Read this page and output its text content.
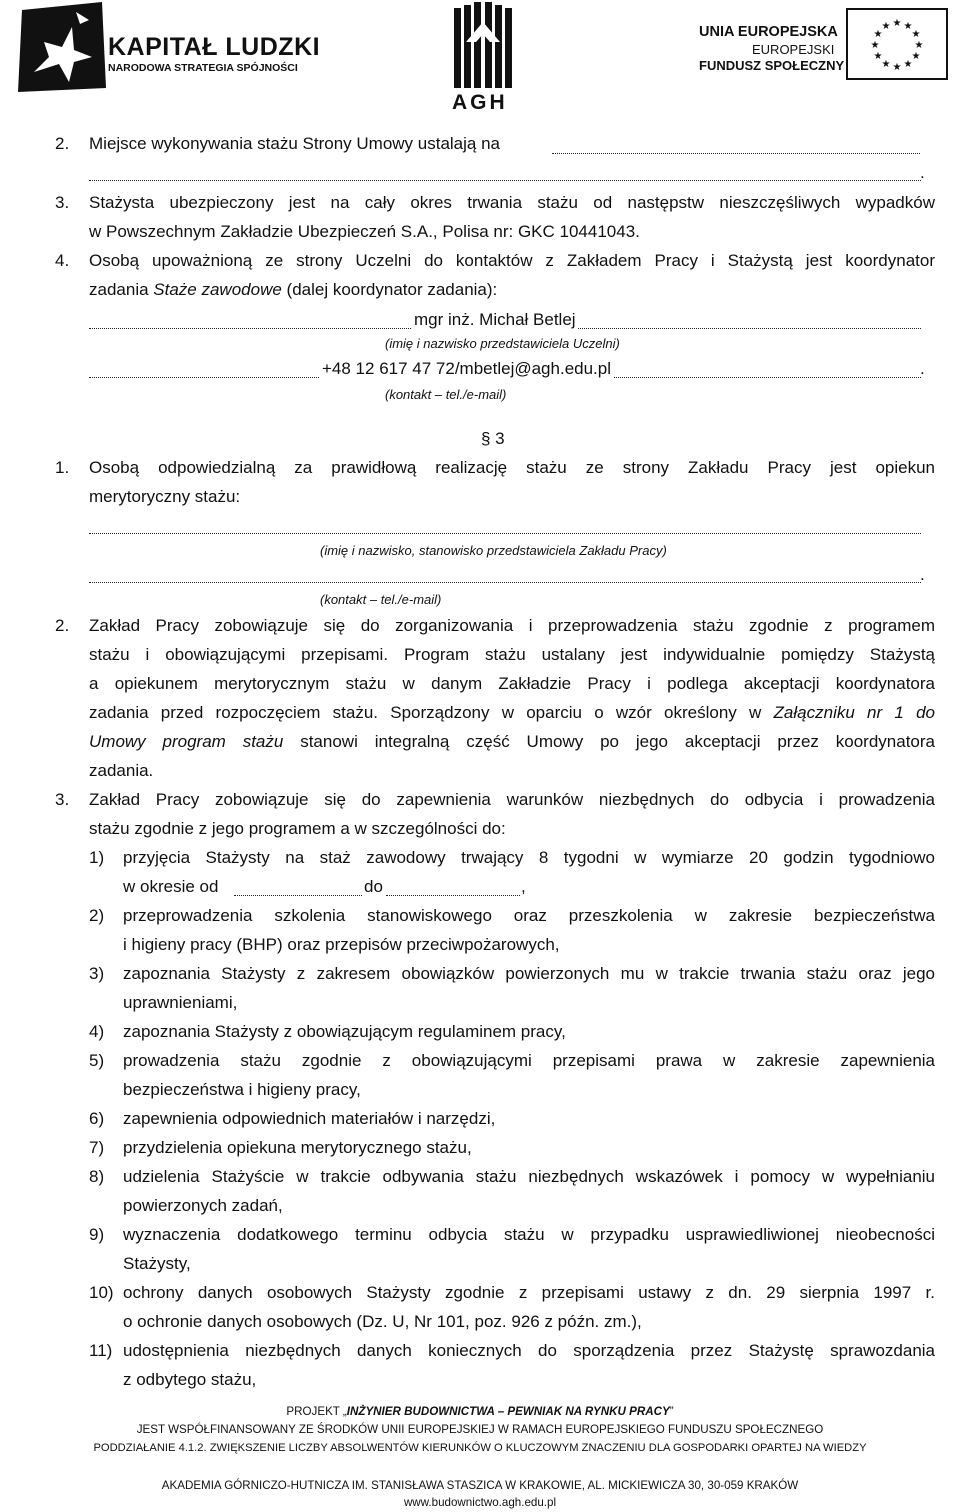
KAPITAŁ LUDZKI
NARODOWA STRATEGIA SPÓJNOŚCI
AGH
UNIA EUROPEJSKA
EUROPEJSKI
FUNDUSZ SPOŁECZNY
★ ★
★
★
★
★
★
★
★
★
★
★
2. Miejsce wykonywania stażu Strony Umowy ustalają na
.
3. Stażysta ubezpieczony jest na cały okres trwania stażu od następstw nieszczęśliwych wypadków
w Powszechnym Zakładzie Ubezpieczeń S.A., Polisa nr: GKC 10441043.
4. Osobą upoważnioną ze strony Uczelni do kontaktów z Zakładem Pracy i Stażystą jest koordynator
zadania Staże zawodowe (dalej koordynator zadania):
mgr inż. Michał Betlej
(imię i nazwisko przedstawiciela Uczelni)
+48 12 617 47 72/mbetlej@agh.edu.pl	.
(kontakt – tel./e-mail)
§ 3
1. Osobą odpowiedzialną za prawidłową realizację stażu ze strony Zakładu Pracy jest opiekun
merytoryczny stażu:
(imię i nazwisko, stanowisko przedstawiciela Zakładu Pracy)
.
(kontakt – tel./e-mail)
2. Zakład Pracy zobowiązuje się do zorganizowania i przeprowadzenia stażu zgodnie z programem
stażu i obowiązującymi przepisami. Program stażu ustalany jest indywidualnie pomiędzy Stażystą
a opiekunem merytorycznym stażu w danym Zakładzie Pracy i podlega akceptacji koordynatora
zadania przed rozpoczęciem stażu. Sporządzony w oparciu o wzór określony w Załączniku nr 1 do
Umowy program stażu stanowi integralną część Umowy po jego akceptacji przez koordynatora
zadania.
3. Zakład Pracy zobowiązuje się do zapewnienia warunków niezbędnych do odbycia i prowadzenia
stażu zgodnie z jego programem a w szczególności do:
1) przyjęcia Stażysty na staż zawodowy trwający 8 tygodni w wymiarze 20 godzin tygodniowo
w okresie od	do	,
2) przeprowadzenia szkolenia stanowiskowego oraz przeszkolenia w zakresie bezpieczeństwa
i higieny pracy (BHP) oraz przepisów przeciwpożarowych,
3) zapoznania Stażysty z zakresem obowiązków powierzonych mu w trakcie trwania stażu oraz jego
uprawnieniami,
4) zapoznania Stażysty z obowiązującym regulaminem pracy,
5) prowadzenia stażu zgodnie z obowiązującymi przepisami prawa w zakresie zapewnienia
bezpieczeństwa i higieny pracy,
6) zapewnienia odpowiednich materiałów i narzędzi,
7) przydzielenia opiekuna merytorycznego stażu,
8) udzielenia Stażyście w trakcie odbywania stażu niezbędnych wskazówek i pomocy w wypełnianiu
powierzonych zadań,
9) wyznaczenia dodatkowego terminu odbycia stażu w przypadku usprawiedliwionej nieobecności
Stażysty,
10) ochrony danych osobowych Stażysty zgodnie z przepisami ustawy z dn. 29 sierpnia 1997 r.
o ochronie danych osobowych (Dz. U, Nr 101, poz. 926 z późn. zm.),
11) udostępnienia niezbędnych danych koniecznych do sporządzenia przez Stażystę sprawozdania
z odbytego stażu,
PROJEKT „INŻYNIER BUDOWNICTWA – PEWNIAK NA RYNKU PRACY”
JEST WSPÓŁFINANSOWANY ZE ŚRODKÓW UNII EUROPEJSKIEJ W RAMACH EUROPEJSKIEGO FUNDUSZU SPOŁECZNEGO
PODDZIAŁANIE 4.1.2. ZWIĘKSZENIE LICZBY ABSOLWENTÓW KIERUNKÓW O KLUCZOWYM ZNACZENIU DLA GOSPODARKI OPARTEJ NA WIEDZY
AKADEMIA GÓRNICZO-HUTNICZA IM. STANISŁAWA STASZICA W KRAKOWIE, AL. MICKIEWICZA 30, 30-059 KRAKÓW
www.budownictwo.agh.edu.pl
